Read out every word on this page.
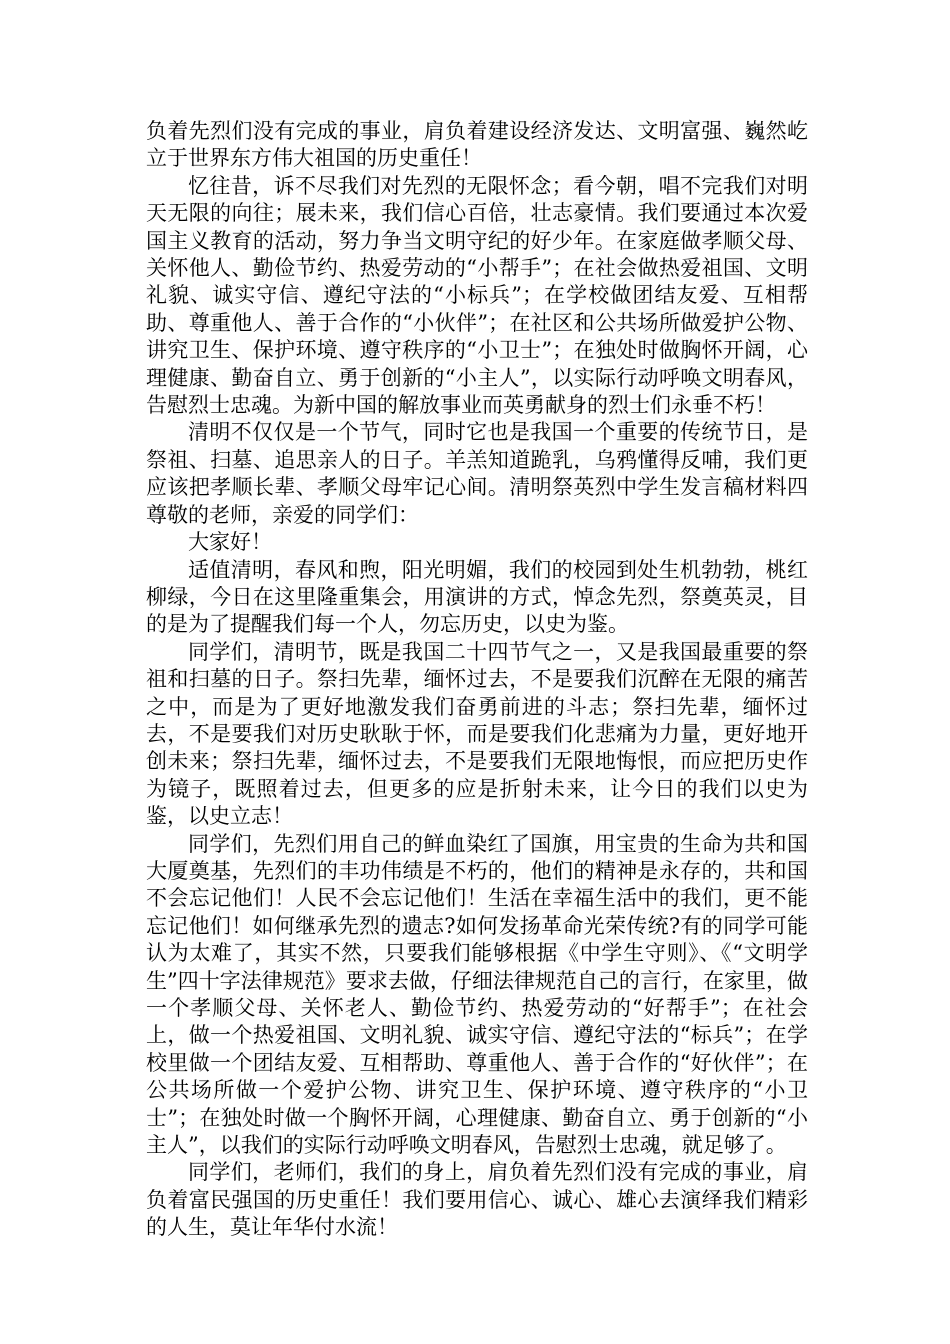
负着先烈们没有完成的事业，肩负着建设经济发达、文明富强、巍然屹立于世界东方伟大祖国的历史重任！

忆往昔，诉不尽我们对先烈的无限怀念；看今朝，唱不完我们对明天无限的向往；展未来，我们信心百倍，壮志豪情。我们要通过本次爱国主义教育的活动，努力争当文明守纪的好少年。在家庭做孝顺父母、关怀他人、勤俭节约、热爱劳动的“小帮手”；在社会做热爱祖国、文明礼貌、诚实守信、遵纪守法的“小标兵”；在学校做团结友爱、互相帮助、尊重他人、善于合作的“小伙伴”；在社区和公共场所做爱护公物、讲究卫生、保护环境、遵守秩序的“小卫士”；在独处时做胸怀开阔，心理健康、勤奋自立、勇于创新的“小主人”，以实际行动呼唤文明春风，告慰烈士忠魂。为新中国的解放事业而英勇献身的烈士们永垂不朽！

清明不仅仅是一个节气，同时它也是我国一个重要的传统节日，是祭祖、扫墓、追思亲人的日子。羊羔知道跪乳，乌鸦懂得反哺，我们更应该把孝顺长辈、孝顺父母牢记心间。清明祭英烈中学生发言稿材料四尊敬的老师，亲爱的同学们：

大家好！

适值清明，春风和煦，阳光明媚，我们的校园到处生机勃勃，桃红柳绿，今日在这里隆重集会，用演讲的方式，悼念先烈，祭奠英灵，目的是为了提醒我们每一个人，勿忘历史，以史为鉴。

同学们，清明节，既是我国二十四节气之一，又是我国最重要的祭祖和扫墓的日子。祭扫先辈，缅怀过去，不是要我们沉醉在无限的痛苦之中，而是为了更好地激发我们奋勇前进的斗志；祭扫先辈，缅怀过去，不是要我们对历史耿耿于怀，而是要我们化悲痛为力量，更好地开创未来；祭扫先辈，缅怀过去，不是要我们无限地悔恨，而应把历史作为镜子，既照着过去，但更多的应是折射未来，让今日的我们以史为鉴，以史立志！

同学们，先烈们用自己的鲜血染红了国旗，用宝贵的生命为共和国大厦奠基，先烈们的丰功伟绩是不朽的，他们的精神是永存的，共和国不会忘记他们！人民不会忘记他们！生活在幸福生活中的我们，更不能忘记他们！如何继承先烈的遗志?如何发扬革命光荣传统?有的同学可能认为太难了，其实不然，只要我们能够根据《中学生守则》、《“文明学生”四十字法律规范》要求去做，仔细法律规范自己的言行，在家里，做一个孝顺父母、关怀老人、勤俭节约、热爱劳动的“好帮手”；在社会上，做一个热爱祖国、文明礼貌、诚实守信、遵纪守法的“标兵”；在学校里做一个团结友爱、互相帮助、尊重他人、善于合作的“好伙伴”；在公共场所做一个爱护公物、讲究卫生、保护环境、遵守秩序的“小卫士”；在独处时做一个胸怀开阔，心理健康、勤奋自立、勇于创新的“小主人”，以我们的实际行动呼唤文明春风，告慰烈士忠魂，就足够了。

同学们，老师们，我们的身上，肩负着先烈们没有完成的事业，肩负着富民强国的历史重任！我们要用信心、诚心、雄心去演绎我们精彩的人生，莫让年华付水流！
